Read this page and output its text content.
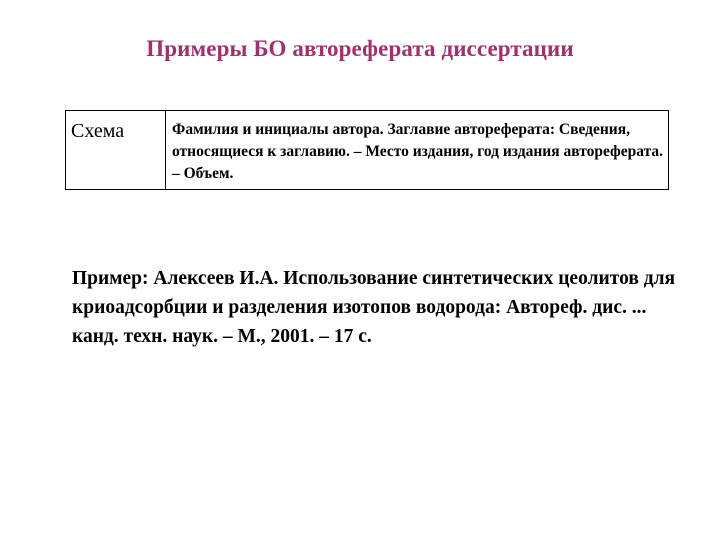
Примеры БО автореферата диссертации
Схема	Фамилия и инициалы автора. Заглавие автореферата: Сведения, относящиеся к заглавию. – Место издания, год издания автореферата. – Объем.
Пример: Алексеев И.А. Использование синтетических цеолитов для криоадсорбции и разделения изотопов водорода: Автореф. дис. ... канд. техн. наук. – М., 2001. – 17 с.
